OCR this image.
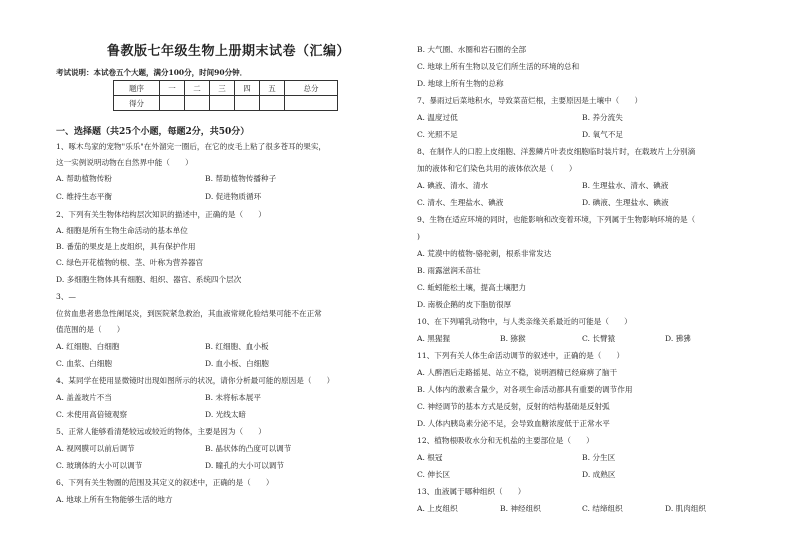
鲁教版七年级生物上册期末试卷（汇编）
考试说明：本试卷五个大题，满分100分，时间90分钟．
题序	一	二	三	四	五	总分
得分						
一、选择题（共25个小题，每题2分，共50分）
1、啄木鸟家的宠物"乐乐"在外溜完一圈后，在它的皮毛上粘了很多苍耳的果实，
这一实例说明动物在自然界中能（　　）
A. 帮助植物传粉	B. 帮助植物传播种子
C. 维持生态平衡	D. 促进物质循环
2、下列有关生物体结构层次知识的描述中，正确的是（　　）
A. 细胞是所有生物生命活动的基本单位
B. 番茄的果皮是上皮组织，具有保护作用
C. 绿色开花植物的根、茎、叶称为营养器官
D. 多细胞生物体具有细胞、组织、器官、系统四个层次
3、—
位贫血患者患急性阑尾炎，到医院紧急救治，其血液常规化验结果可能不在正常
值范围的是（　　）
A. 红细胞、白细胞	B. 红细胞、血小板
C. 血浆、白细胞	D. 血小板、白细胞
4、某同学在使用显微镜时出现如图所示的状况，请你分析最可能的原因是（　　）
A. 盖盖玻片不当	B. 未将标本展平
C. 未使用高倍镜观察	D. 光线太暗
5、正常人能够看清楚较远或较近的物体，主要是因为（　　）
A. 视网膜可以前后调节	B. 晶状体的凸度可以调节
C. 玻璃体的大小可以调节	D. 瞳孔的大小可以调节
6、下列有关生物圈的范围及其定义的叙述中，正确的是（　　）
A. 地球上所有生物能够生活的地方
B. 大气圈、水圈和岩石圈的全部
C. 地球上所有生物以及它们所生活的环境的总和
D. 地球上所有生物的总称
7、暴雨过后菜地积水，导致菜苗烂根，主要原因是土壤中（　　）
A. 温度过低	B. 养分流失
C. 光照不足	D. 氧气不足
8、在制作人的口腔上皮细胞、洋葱鳞片叶表皮细胞临时装片时，在载玻片上分别滴
加的液体和它们染色共用的液体依次是（　　）
A. 碘液、清水、清水	B. 生理盐水、清水、碘液
C. 清水、生理盐水、碘液	D. 碘液、生理盐水、碘液
9、生物在适应环境的同时，也能影响和改变着环境，下列属于生物影响环境的是（
)
A. 荒漠中的植物-骆驼刺，根系非常发达
B. 雨露滋润禾苗壮
C. 蚯蚓能松土壤，提高土壤肥力
D. 南极企鹅的皮下脂肪很厚
10、在下列哺乳动物中，与人类亲缘关系最近的可能是（　　）
A. 黑猩猩	B. 猕猴	C. 长臂猿	D. 狒狒
11、下列有关人体生命活动调节的叙述中，正确的是（　　）
A. 人醉酒后走路摇晃、站立不稳，说明酒精已经麻痹了脑干
B. 人体内的激素含量少，对各项生命活动都具有重要的调节作用
C. 神经调节的基本方式是反射，反射的结构基础是反射弧
D. 人体内胰岛素分泌不足，会导致血糖浓度低于正常水平
12、植物根吸收水分和无机盐的主要部位是（　　）
A. 根冠	B. 分生区
C. 伸长区	D. 成熟区
13、血液属于哪种组织（　　）
A. 上皮组织	B. 神经组织	C. 结缔组织	D. 肌肉组织
